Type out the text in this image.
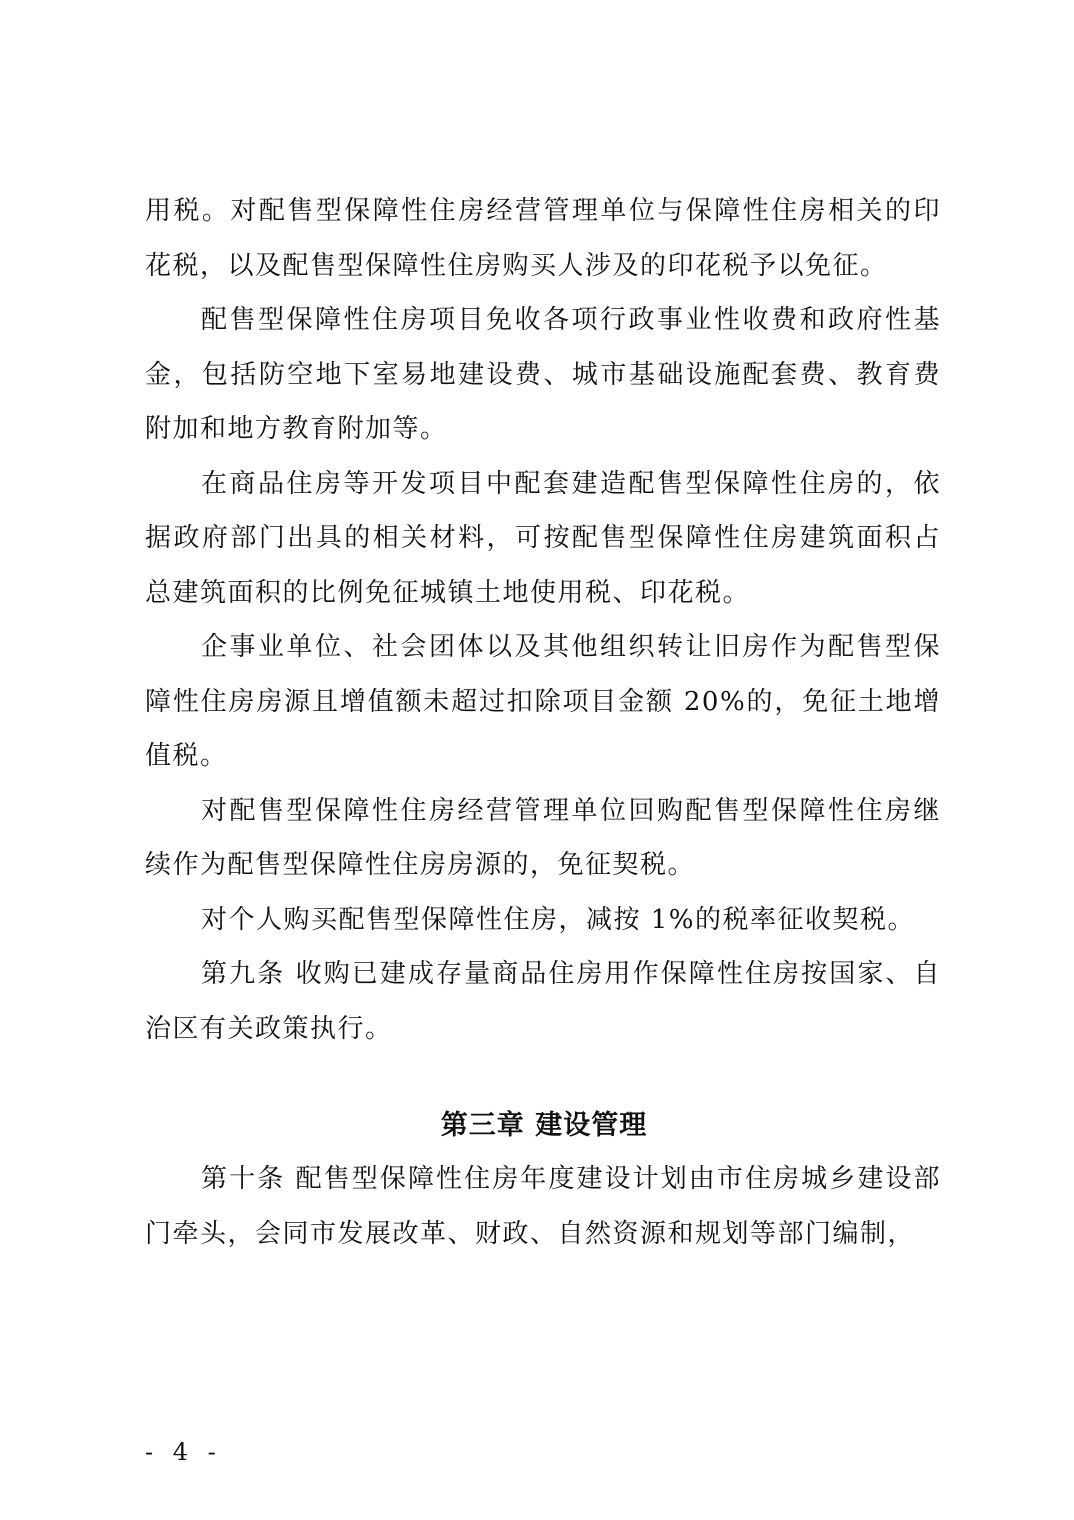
用税。对配售型保障性住房经营管理单位与保障性住房相关的印花税，以及配售型保障性住房购买人涉及的印花税予以免征。

配售型保障性住房项目免收各项行政事业性收费和政府性基金，包括防空地下室易地建设费、城市基础设施配套费、教育费附加和地方教育附加等。

在商品住房等开发项目中配套建造配售型保障性住房的，依据政府部门出具的相关材料，可按配售型保障性住房建筑面积占总建筑面积的比例免征城镇土地使用税、印花税。

企事业单位、社会团体以及其他组织转让旧房作为配售型保障性住房房源且增值额未超过扣除项目金额 20%的，免征土地增值税。

对配售型保障性住房经营管理单位回购配售型保障性住房继续作为配售型保障性住房房源的，免征契税。

对个人购买配售型保障性住房，减按 1%的税率征收契税。

第九条 收购已建成存量商品住房用作保障性住房按国家、自治区有关政策执行。

第三章 建设管理

第十条 配售型保障性住房年度建设计划由市住房城乡建设部门牵头，会同市发展改革、财政、自然资源和规划等部门编制，

- 4 -
